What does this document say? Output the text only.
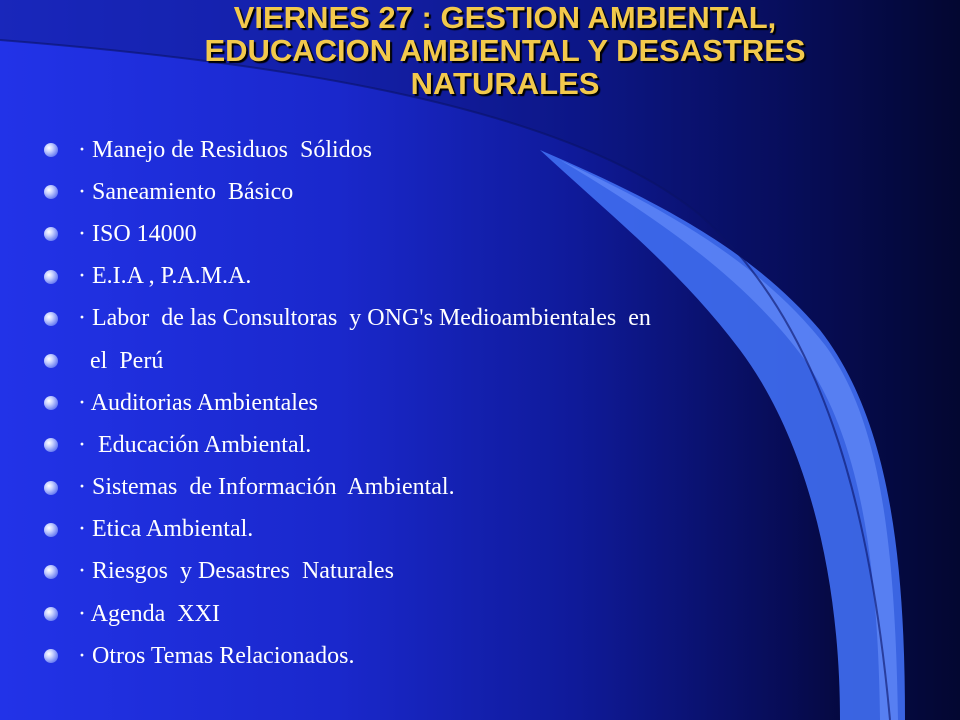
VIERNES 27 : GESTION AMBIENTAL,
EDUCACION AMBIENTAL Y DESASTRES
NATURALES
· Manejo de Residuos  Sólidos
· Saneamiento  Básico
· ISO 14000
· E.I.A , P.A.M.A.
· Labor  de las Consultoras  y ONG's Medioambientales  en
el  Perú
· Auditorias Ambientales
·  Educación Ambiental.
· Sistemas  de Información  Ambiental.
· Etica Ambiental.
· Riesgos  y Desastres  Naturales
· Agenda  XXI
· Otros Temas Relacionados.
